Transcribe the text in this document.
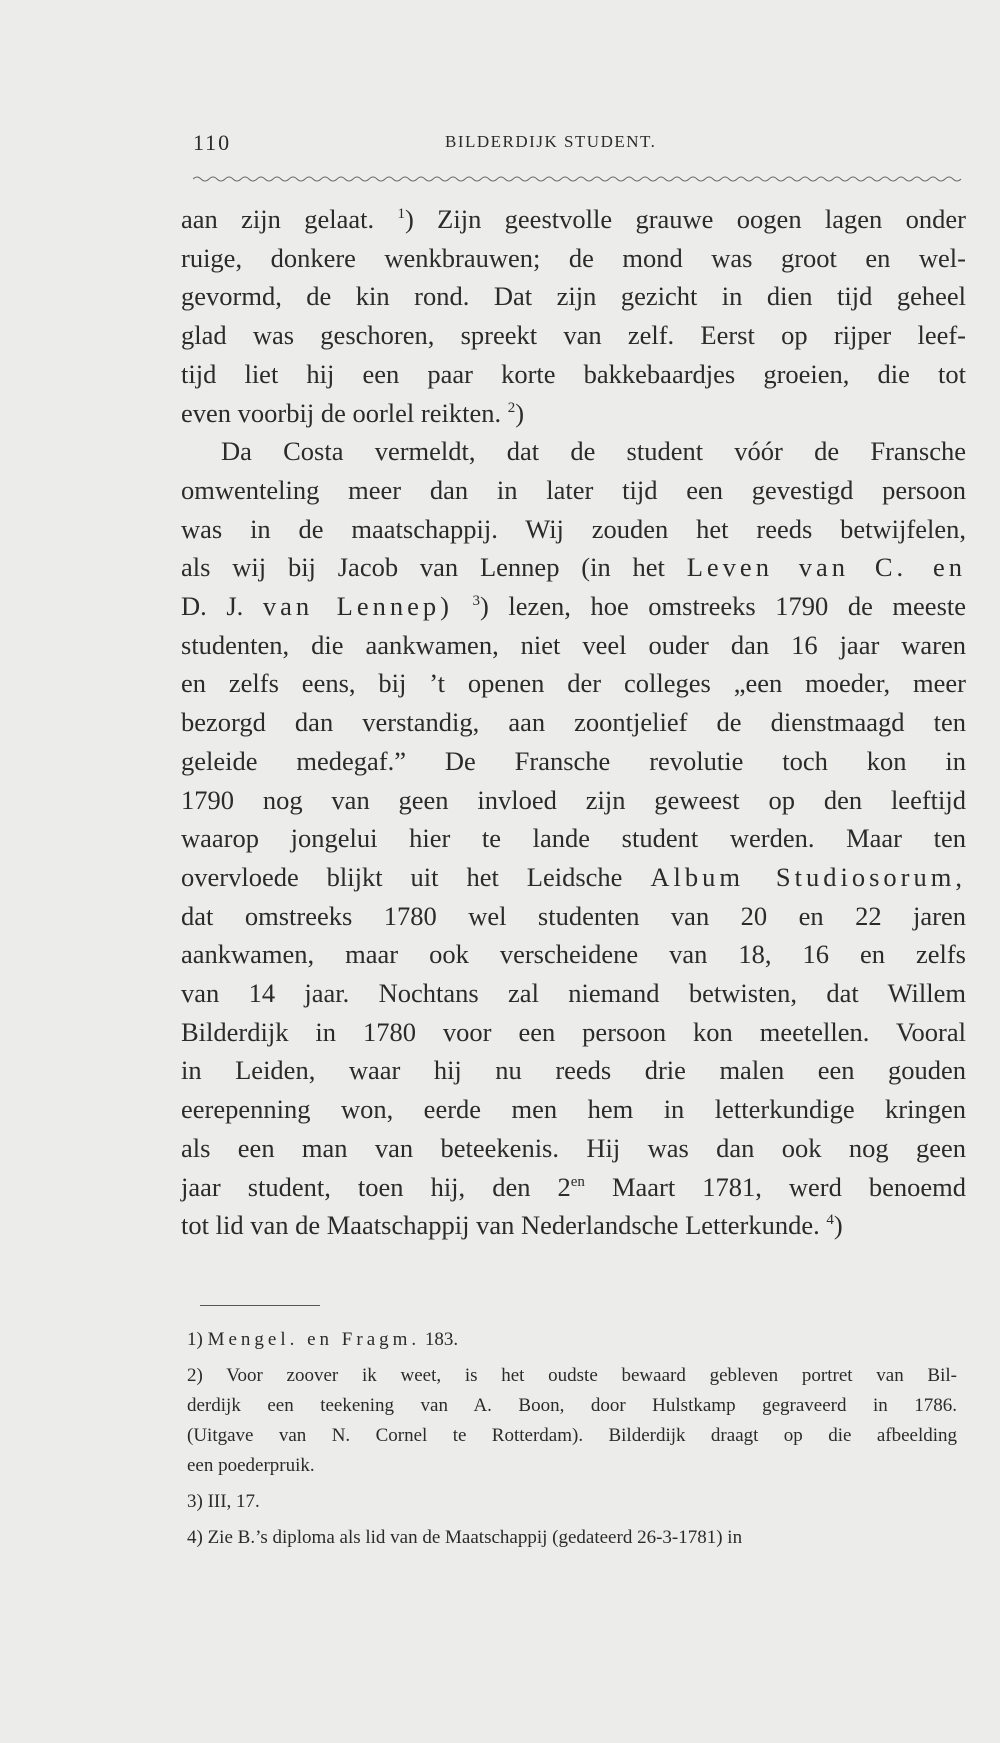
110	BILDERDIJK STUDENT.
aan zijn gelaat. $^1$) Zijn geestvolle grauwe oogen lagen onder
ruige, donkere wenkbrauwen; de mond was groot en wel-
gevormd, de kin rond. Dat zijn gezicht in dien tijd geheel
glad was geschoren, spreekt van zelf. Eerst op rijper leef-
tijd liet hij een paar korte bakkebaardjes groeien, die tot
even voorbij de oorlel reikten. $^2$)
Da Costa vermeldt, dat de student vóór de Fransche
omwenteling meer dan in later tijd een gevestigd persoon
was in de maatschappij. Wij zouden het reeds betwijfelen,
als wij bij Jacob van Lennep (in het Leven van C. en
D. J. van Lennep) $^3$) lezen, hoe omstreeks 1790 de meeste
studenten, die aankwamen, niet veel ouder dan 16 jaar waren
en zelfs eens, bij ’t openen der colleges „een moeder, meer
bezorgd dan verstandig, aan zoontjelief de dienstmaagd ten
geleide medegaf.” De Fransche revolutie toch kon in
1790 nog van geen invloed zijn geweest op den leeftijd
waarop jongelui hier te lande student werden. Maar ten
overvloede blijkt uit het Leidsche Album Studiosorum,
dat omstreeks 1780 wel studenten van 20 en 22 jaren
aankwamen, maar ook verscheidene van 18, 16 en zelfs
van 14 jaar. Nochtans zal niemand betwisten, dat Willem
Bilderdijk in 1780 voor een persoon kon meetellen. Vooral
in Leiden, waar hij nu reeds drie malen een gouden
eerepenning won, eerde men hem in letterkundige kringen
als een man van beteekenis. Hij was dan ook nog geen
jaar student, toen hij, den $2^{en}$ Maart 1781, werd benoemd
tot lid van de Maatschappij van Nederlandsche Letterkunde. $^4$)
1) Mengel. en Fragm. 183.
2) Voor zoover ik weet, is het oudste bewaard gebleven portret van Bil-
derdijk een teekening van A. Boon, door Hulstkamp gegraveerd in 1786.
(Uitgave van N. Cornel te Rotterdam). Bilderdijk draagt op die afbeelding
een poederpruik.
3) III, 17.
4) Zie B.’s diploma als lid van de Maatschappij (gedateerd 26-3-1781) in
